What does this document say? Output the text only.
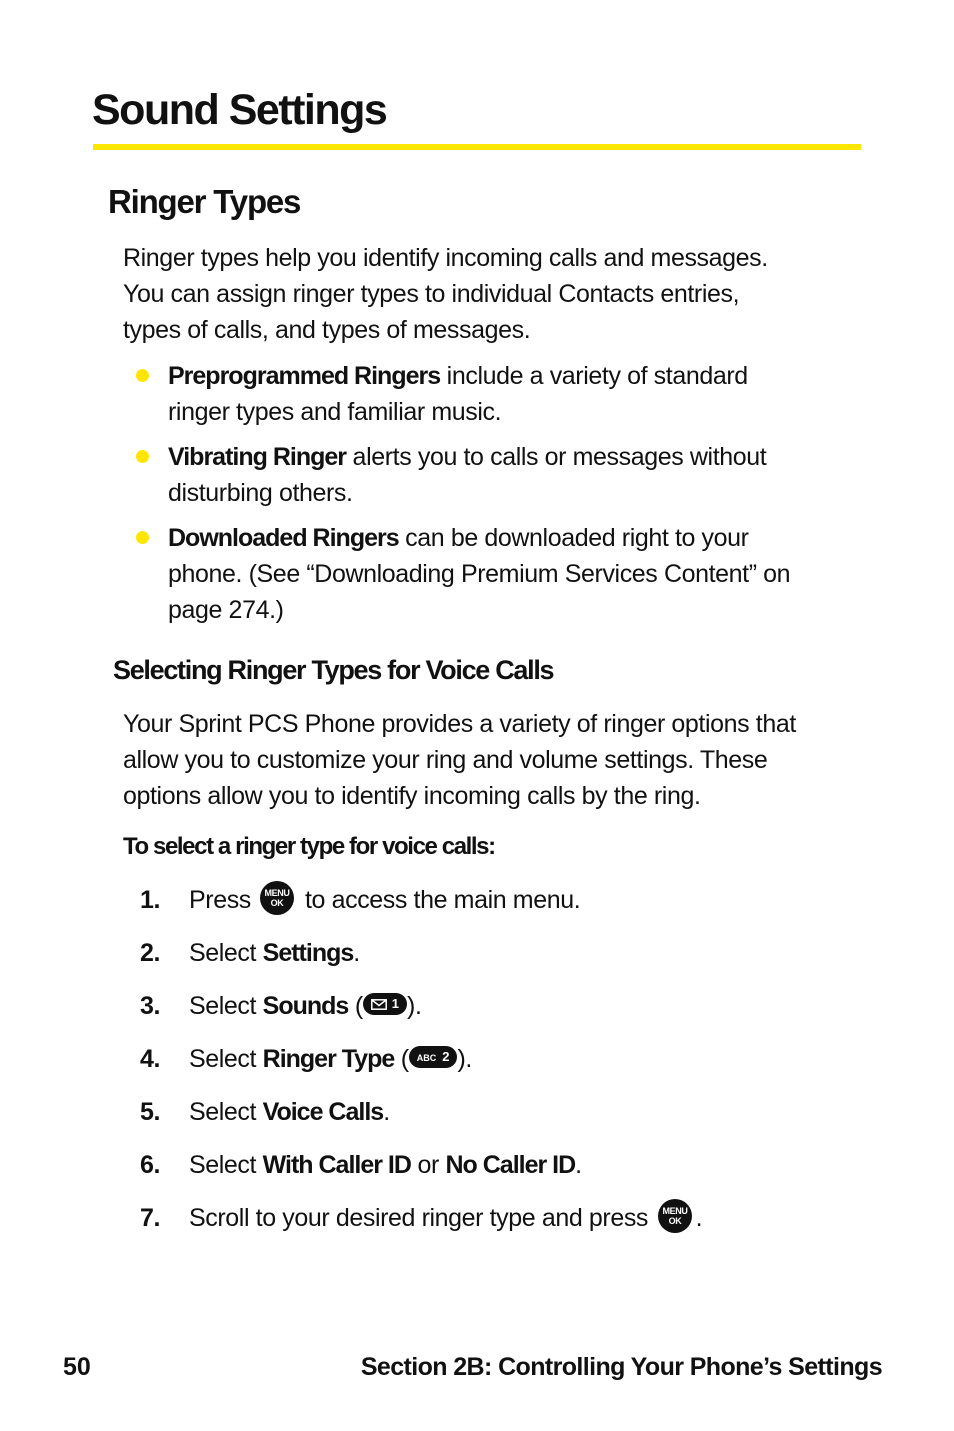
Sound Settings
Ringer Types
Ringer types help you identify incoming calls and messages.
You can assign ringer types to individual Contacts entries,
types of calls, and types of messages.
Preprogrammed Ringers include a variety of standard
ringer types and familiar music.
Vibrating Ringer alerts you to calls or messages without
disturbing others.
Downloaded Ringers can be downloaded right to your
phone. (See “Downloading Premium Services Content” on
page 274.)
Selecting Ringer Types for Voice Calls
Your Sprint PCS Phone provides a variety of ringer options that
allow you to customize your ring and volume settings. These
options allow you to identify incoming calls by the ring.

To select a ringer type for voice calls:

1. Press MENU
OK to access the main menu.
2. Select Settings.
3. Select Sounds ( 1 ).
4. Select Ringer Type ( ABC 2 ).
5. Select Voice Calls.
6. Select With Caller ID or No Caller ID.
7. Scroll to your desired ringer type and press MENU
OK .

50	Section 2B: Controlling Your Phone’s Settings
